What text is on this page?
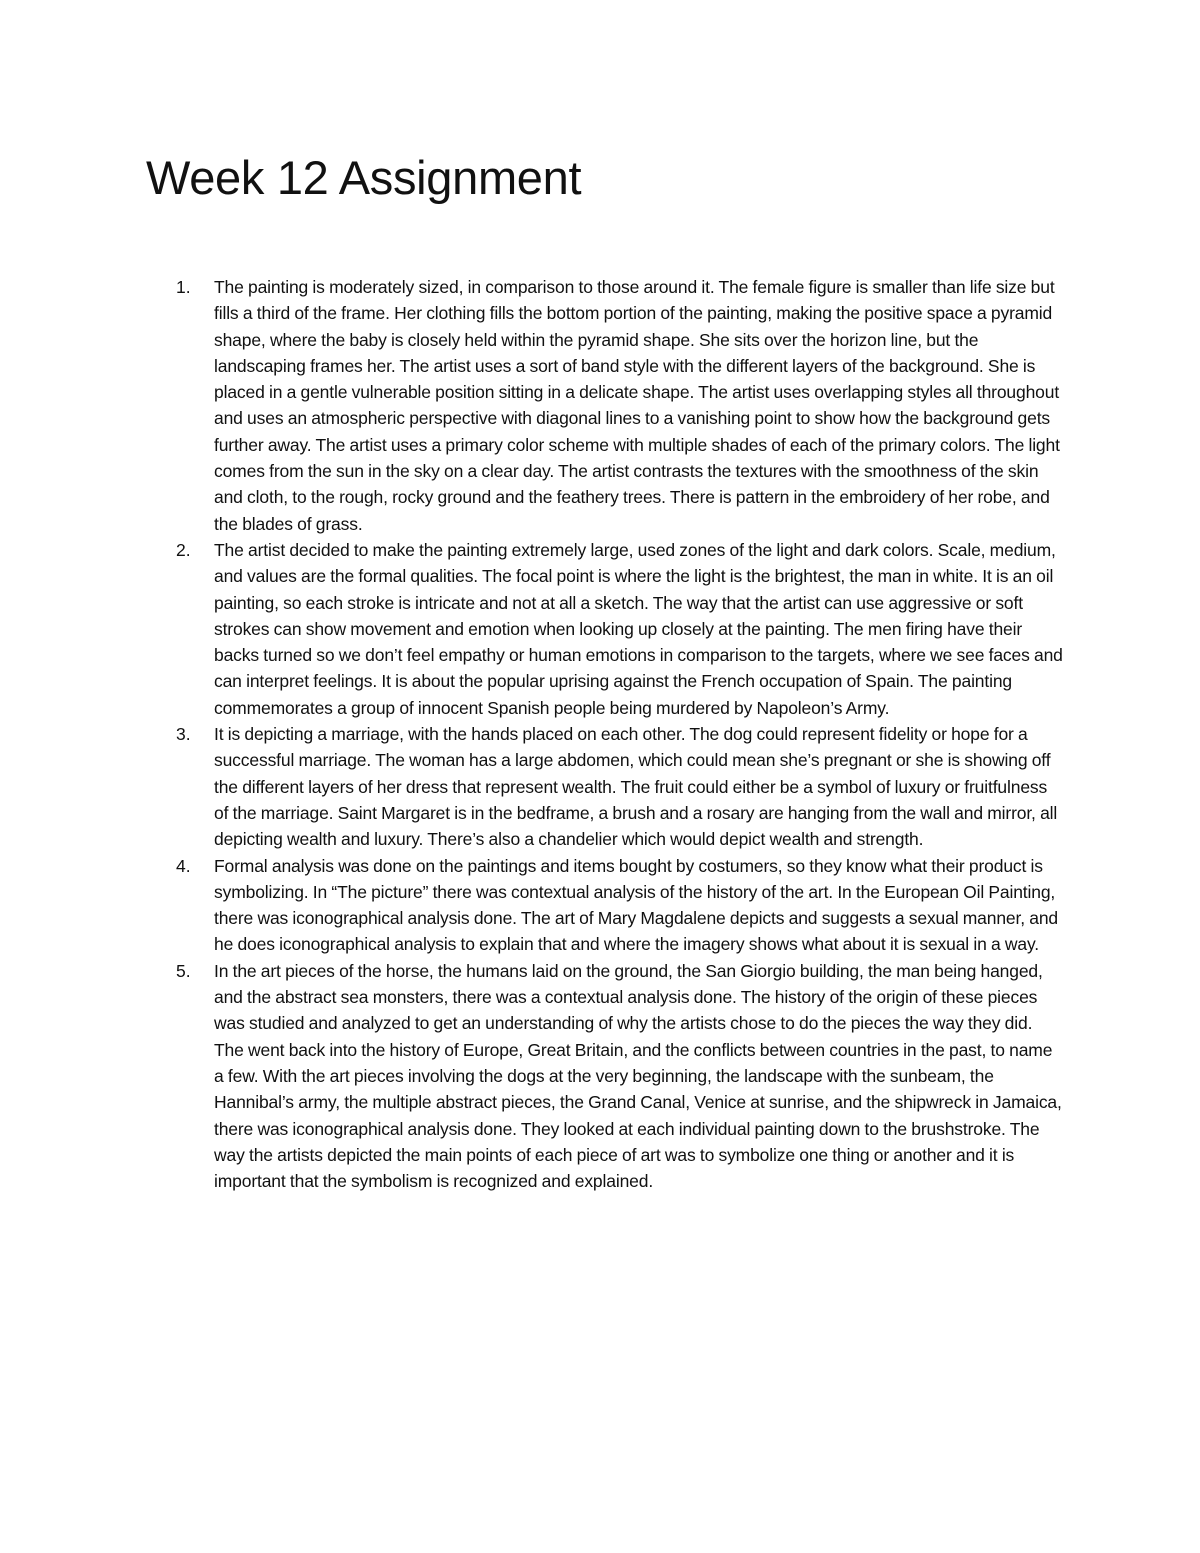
Week 12 Assignment
1.	The painting is moderately sized, in comparison to those around it. The female figure is smaller than life size but fills a third of the frame. Her clothing fills the bottom portion of the painting, making the positive space a pyramid shape, where the baby is closely held within the pyramid shape. She sits over the horizon line, but the landscaping frames her. The artist uses a sort of band style with the different layers of the background. She is placed in a gentle vulnerable position sitting in a delicate shape. The artist uses overlapping styles all throughout and uses an atmospheric perspective with diagonal lines to a vanishing point to show how the background gets further away. The artist uses a primary color scheme with multiple shades of each of the primary colors. The light comes from the sun in the sky on a clear day. The artist contrasts the textures with the smoothness of the skin and cloth, to the rough, rocky ground and the feathery trees. There is pattern in the embroidery of her robe, and the blades of grass.

2.	The artist decided to make the painting extremely large, used zones of the light and dark colors. Scale, medium, and values are the formal qualities. The focal point is where the light is the brightest, the man in white. It is an oil painting, so each stroke is intricate and not at all a sketch. The way that the artist can use aggressive or soft strokes can show movement and emotion when looking up closely at the painting. The men firing have their backs turned so we don’t feel empathy or human emotions in comparison to the targets, where we see faces and can interpret feelings. It is about the popular uprising against the French occupation of Spain. The painting commemorates a group of innocent Spanish people being murdered by Napoleon’s Army.

3.	It is depicting a marriage, with the hands placed on each other. The dog could represent fidelity or hope for a successful marriage. The woman has a large abdomen, which could mean she’s pregnant or she is showing off the different layers of her dress that represent wealth. The fruit could either be a symbol of luxury or fruitfulness of the marriage. Saint Margaret is in the bedframe, a brush and a rosary are hanging from the wall and mirror, all depicting wealth and luxury. There’s also a chandelier which would depict wealth and strength.

4.	Formal analysis was done on the paintings and items bought by costumers, so they know what their product is symbolizing. In “The picture” there was contextual analysis of the history of the art. In the European Oil Painting, there was iconographical analysis done. The art of Mary Magdalene depicts and suggests a sexual manner, and he does iconographical analysis to explain that and where the imagery shows what about it is sexual in a way.

5.	In the art pieces of the horse, the humans laid on the ground, the San Giorgio building, the man being hanged, and the abstract sea monsters, there was a contextual analysis done. The history of the origin of these pieces was studied and analyzed to get an understanding of why the artists chose to do the pieces the way they did. The went back into the history of Europe, Great Britain, and the conflicts between countries in the past, to name a few. With the art pieces involving the dogs at the very beginning, the landscape with the sunbeam, the Hannibal’s army, the multiple abstract pieces, the Grand Canal, Venice at sunrise, and the shipwreck in Jamaica, there was iconographical analysis done. They looked at each individual painting down to the brushstroke. The way the artists depicted the main points of each piece of art was to symbolize one thing or another and it is important that the symbolism is recognized and explained.
